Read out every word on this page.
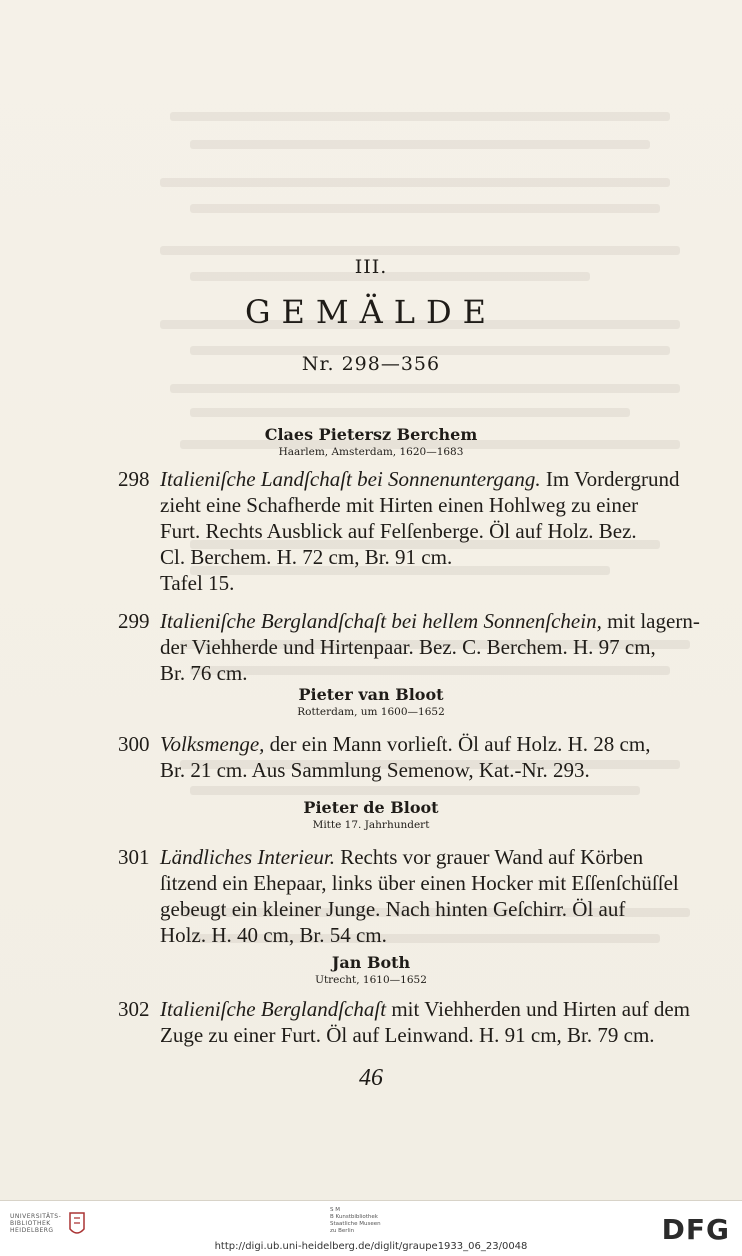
III.
GEMÄLDE
Nr. 298—356
Claes Pietersz Berchem
Haarlem, Amsterdam, 1620—1683
298 Italieniſche Landſchaſt bei Sonnenuntergang. Im Vordergrund
zieht eine Schafherde mit Hirten einen Hohlweg zu einer
Furt. Rechts Ausblick auf Felſenberge. Öl auf Holz. Bez.
Cl. Berchem. H. 72 cm, Br. 91 cm.
Tafel 15.
299 Italieniſche Berglandſchaſt bei hellem Sonnenſchein, mit lagern-
der Viehherde und Hirtenpaar. Bez. C. Berchem. H. 97 cm,
Br. 76 cm.
Pieter van Bloot
Rotterdam, um 1600—1652
300 Volksmenge, der ein Mann vorlieſt. Öl auf Holz. H. 28 cm,
Br. 21 cm. Aus Sammlung Semenow, Kat.-Nr. 293.
Pieter de Bloot
Mitte 17. Jahrhundert
301 Ländliches Interieur. Rechts vor grauer Wand auf Körben
ſitzend ein Ehepaar, links über einen Hocker mit Eſſenſchüſſel
gebeugt ein kleiner Junge. Nach hinten Geſchirr. Öl auf
Holz. H. 40 cm, Br. 54 cm.
Jan Both
Utrecht, 1610—1652
302 Italieniſche Berglandſchaſt mit Viehherden und Hirten auf dem
Zuge zu einer Furt. Öl auf Leinwand. H. 91 cm, Br. 79 cm.
46
UNIVERSITÄTS-
BIBLIOTHEK
HEIDELBERG
S M
B Kunstbibliothek
Staatliche Museen
zu Berlin	DFG
http://digi.ub.uni-heidelberg.de/diglit/graupe1933_06_23/0048
